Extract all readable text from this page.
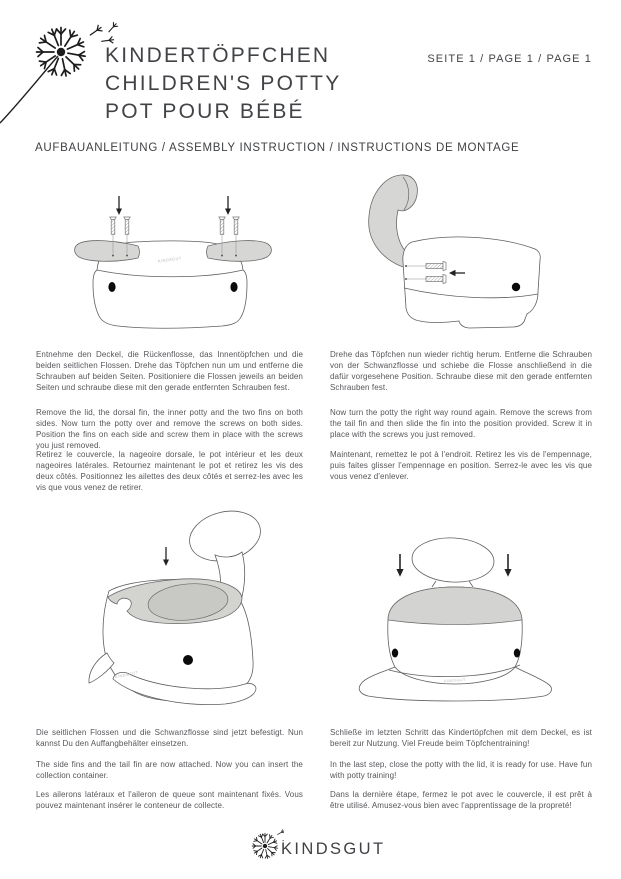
KINDERTÖPFCHEN
CHILDREN'S POTTY
POT POUR BÉBÉ
SEITE 1 / PAGE 1 / PAGE 1
AUFBAUANLEITUNG / ASSEMBLY INSTRUCTION / INSTRUCTIONS DE MONTAGE
KINDSGUT

Entnehme den Deckel, die Rückenflosse, das Innentöpfchen und die beiden seitlichen Flossen. Drehe das Töpfchen nun um und entferne die Schrauben auf beiden Seiten. Positioniere die Flossen jeweils an beiden Seiten und schraube diese mit den gerade entfernten Schrauben fest.

Remove the lid, the dorsal fin, the inner potty and the two fins on both sides. Now turn the potty over and remove the screws on both sides. Position the fins on each side and screw them in place with the screws you just removed.

Retirez le couvercle, la nageoire dorsale, le pot intérieur et les deux nageoires latérales. Retournez maintenant le pot et retirez les vis des deux côtés. Positionnez les ailettes des deux côtés et serrez-les avec les vis que vous venez de retirer.

Drehe das Töpfchen nun wieder richtig herum. Entferne die Schrauben von der Schwanzflosse und schiebe die Flosse anschließend in die dafür vorgesehene Position. Schraube diese mit den gerade entfernten Schrauben fest.

Now turn the potty the right way round again. Remove the screws from the tail fin and then slide the fin into the position provided. Screw it in place with the screws you just removed.

Maintenant, remettez le pot à l'endroit. Retirez les vis de l'empennage, puis faites glisser l'empennage en position. Serrez-le avec les vis que vous venez d'enlever.

KINDSGUT
KINDSGUT

Die seitlichen Flossen und die Schwanzflosse sind jetzt befestigt. Nun kannst Du den Auffangbehälter einsetzen.

The side fins and the tail fin are now attached. Now you can insert the collection container.

Les ailerons latéraux et l'aileron de queue sont maintenant fixés. Vous pouvez maintenant insérer le conteneur de collecte.

Schließe im letzten Schritt das Kindertöpfchen mit dem Deckel, es ist bereit zur Nutzung. Viel Freude beim Töpfchentraining!

In the last step, close the potty with the lid, it is ready for use. Have fun with potty training!

Dans la dernière étape, fermez le pot avec le couvercle, il est prêt à être utilisé. Amusez-vous bien avec l'apprentissage de la propreté!

KINDSGUT
